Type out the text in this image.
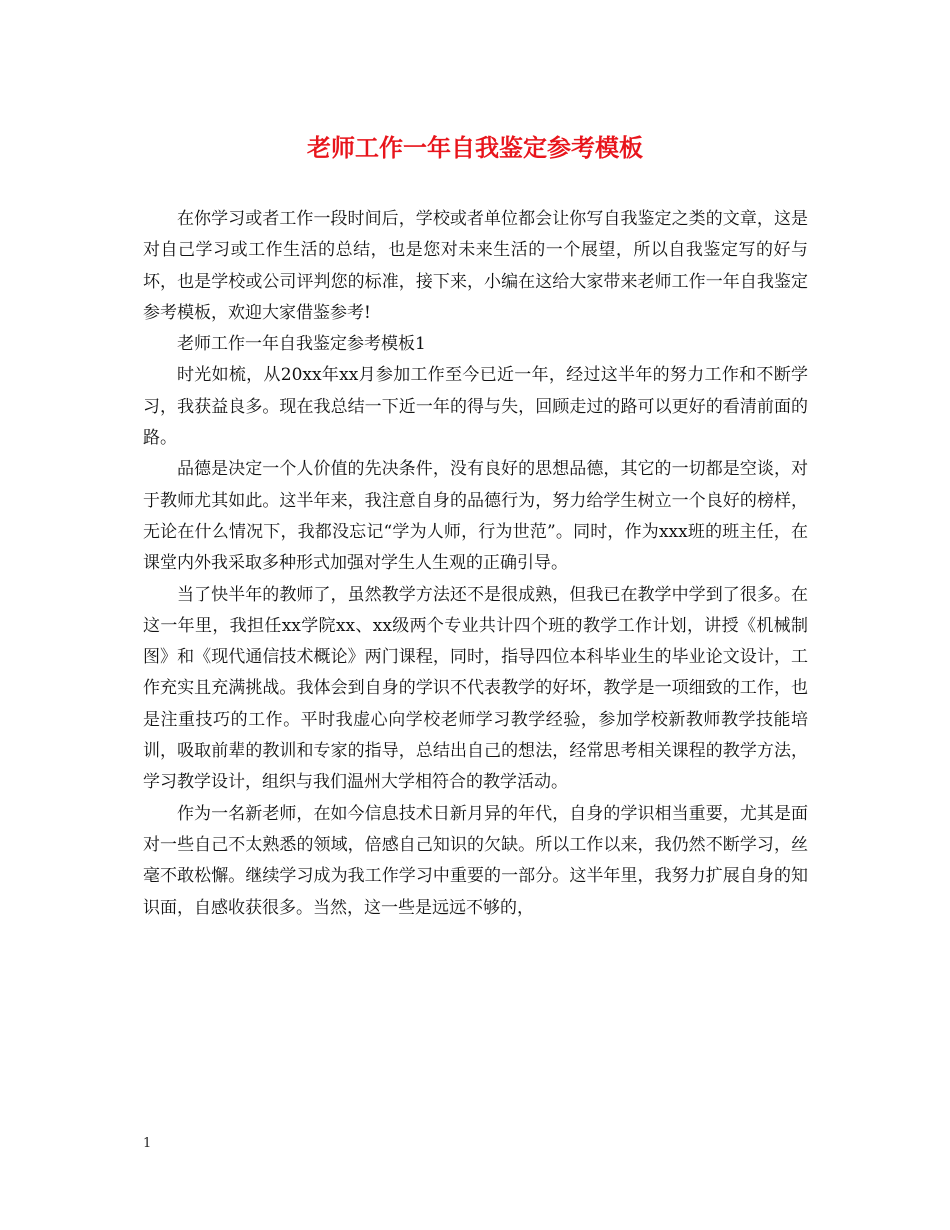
老师工作一年自我鉴定参考模板

在你学习或者工作一段时间后，学校或者单位都会让你写自我鉴定之类的文章，这是对自己学习或工作生活的总结，也是您对未来生活的一个展望，所以自我鉴定写的好与坏，也是学校或公司评判您的标准，接下来，小编在这给大家带来老师工作一年自我鉴定参考模板，欢迎大家借鉴参考!

老师工作一年自我鉴定参考模板1

时光如梳，从20xx年xx月参加工作至今已近一年，经过这半年的努力工作和不断学习，我获益良多。现在我总结一下近一年的得与失，回顾走过的路可以更好的看清前面的路。

品德是决定一个人价值的先决条件，没有良好的思想品德，其它的一切都是空谈，对于教师尤其如此。这半年来，我注意自身的品德行为，努力给学生树立一个良好的榜样，无论在什么情况下，我都没忘记“学为人师，行为世范”。同时，作为xxx班的班主任，在课堂内外我采取多种形式加强对学生人生观的正确引导。

当了快半年的教师了，虽然教学方法还不是很成熟，但我已在教学中学到了很多。在这一年里，我担任xx学院xx、xx级两个专业共计四个班的教学工作计划，讲授《机械制图》和《现代通信技术概论》两门课程，同时，指导四位本科毕业生的毕业论文设计，工作充实且充满挑战。我体会到自身的学识不代表教学的好坏，教学是一项细致的工作，也是注重技巧的工作。平时我虚心向学校老师学习教学经验，参加学校新教师教学技能培训，吸取前辈的教训和专家的指导，总结出自己的想法，经常思考相关课程的教学方法，学习教学设计，组织与我们温州大学相符合的教学活动。

作为一名新老师，在如今信息技术日新月异的年代，自身的学识相当重要，尤其是面对一些自己不太熟悉的领域，倍感自己知识的欠缺。所以工作以来，我仍然不断学习，丝毫不敢松懈。继续学习成为我工作学习中重要的一部分。这半年里，我努力扩展自身的知识面，自感收获很多。当然，这一些是远远不够的，

1
